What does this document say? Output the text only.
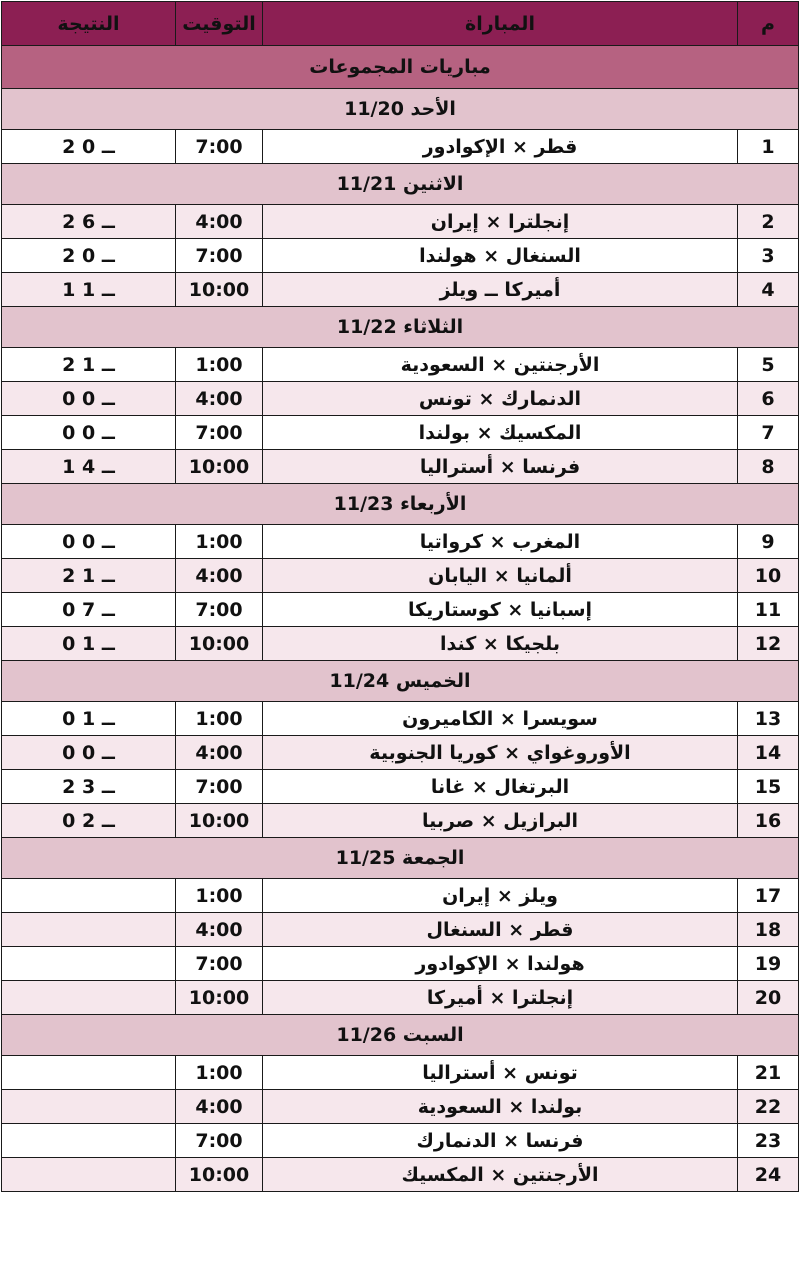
م	المباراة	التوقيت	النتيجة
مباريات المجموعات			
الأحد 11/20			
1	قطر × الإكوادور	7:00	2 ــ 0
الاثنين 11/21			
2	إنجلترا × إيران	4:00	2 ــ 6
3	السنغال × هولندا	7:00	2 ــ 0
4	أميركا ــ ويلز	10:00	1 ــ 1
الثلاثاء 11/22			
5	الأرجنتين × السعودية	1:00	2 ــ 1
6	الدنمارك × تونس	4:00	0 ــ 0
7	المكسيك × بولندا	7:00	0 ــ 0
8	فرنسا × أستراليا	10:00	1 ــ 4
الأربعاء 11/23			
9	المغرب × كرواتيا	1:00	0 ــ 0
10	ألمانيا × اليابان	4:00	2 ــ 1
11	إسبانيا × كوستاريكا	7:00	0 ــ 7
12	بلجيكا × كندا	10:00	0 ــ 1
الخميس 11/24			
13	سويسرا × الكاميرون	1:00	0 ــ 1
14	الأوروغواي × كوريا الجنوبية	4:00	0 ــ 0
15	البرتغال × غانا	7:00	2 ــ 3
16	البرازيل × صربيا	10:00	0 ــ 2
الجمعة 11/25			
17	ويلز × إيران	1:00	
18	قطر × السنغال	4:00	
19	هولندا × الإكوادور	7:00	
20	إنجلترا × أميركا	10:00	
السبت 11/26			
21	تونس × أستراليا	1:00	
22	بولندا × السعودية	4:00	
23	فرنسا × الدنمارك	7:00	
24	الأرجنتين × المكسيك	10:00	
